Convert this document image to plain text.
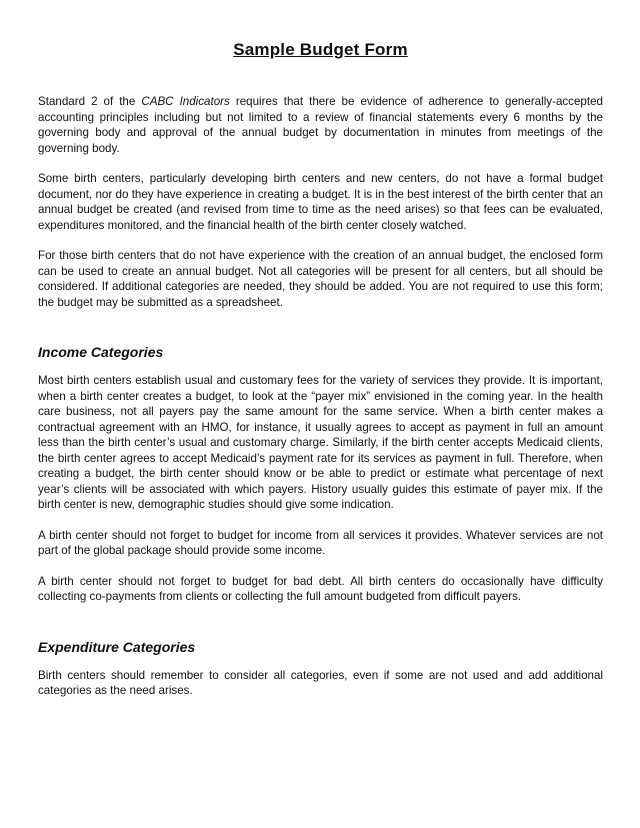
Sample Budget Form

Standard 2 of the CABC Indicators requires that there be evidence of adherence to generally-accepted accounting principles including but not limited to a review of financial statements every 6 months by the governing body and approval of the annual budget by documentation in minutes from meetings of the governing body.

Some birth centers, particularly developing birth centers and new centers, do not have a formal budget document, nor do they have experience in creating a budget. It is in the best interest of the birth center that an annual budget be created (and revised from time to time as the need arises) so that fees can be evaluated, expenditures monitored, and the financial health of the birth center closely watched.

For those birth centers that do not have experience with the creation of an annual budget, the enclosed form can be used to create an annual budget. Not all categories will be present for all centers, but all should be considered. If additional categories are needed, they should be added. You are not required to use this form; the budget may be submitted as a spreadsheet.

Income Categories

Most birth centers establish usual and customary fees for the variety of services they provide. It is important, when a birth center creates a budget, to look at the “payer mix” envisioned in the coming year. In the health care business, not all payers pay the same amount for the same service. When a birth center makes a contractual agreement with an HMO, for instance, it usually agrees to accept as payment in full an amount less than the birth center’s usual and customary charge. Similarly, if the birth center accepts Medicaid clients, the birth center agrees to accept Medicaid’s payment rate for its services as payment in full. Therefore, when creating a budget, the birth center should know or be able to predict or estimate what percentage of next year’s clients will be associated with which payers. History usually guides this estimate of payer mix. If the birth center is new, demographic studies should give some indication.

A birth center should not forget to budget for income from all services it provides. Whatever services are not part of the global package should provide some income.

A birth center should not forget to budget for bad debt. All birth centers do occasionally have difficulty collecting co-payments from clients or collecting the full amount budgeted from difficult payers.

Expenditure Categories

Birth centers should remember to consider all categories, even if some are not used and add additional categories as the need arises.
